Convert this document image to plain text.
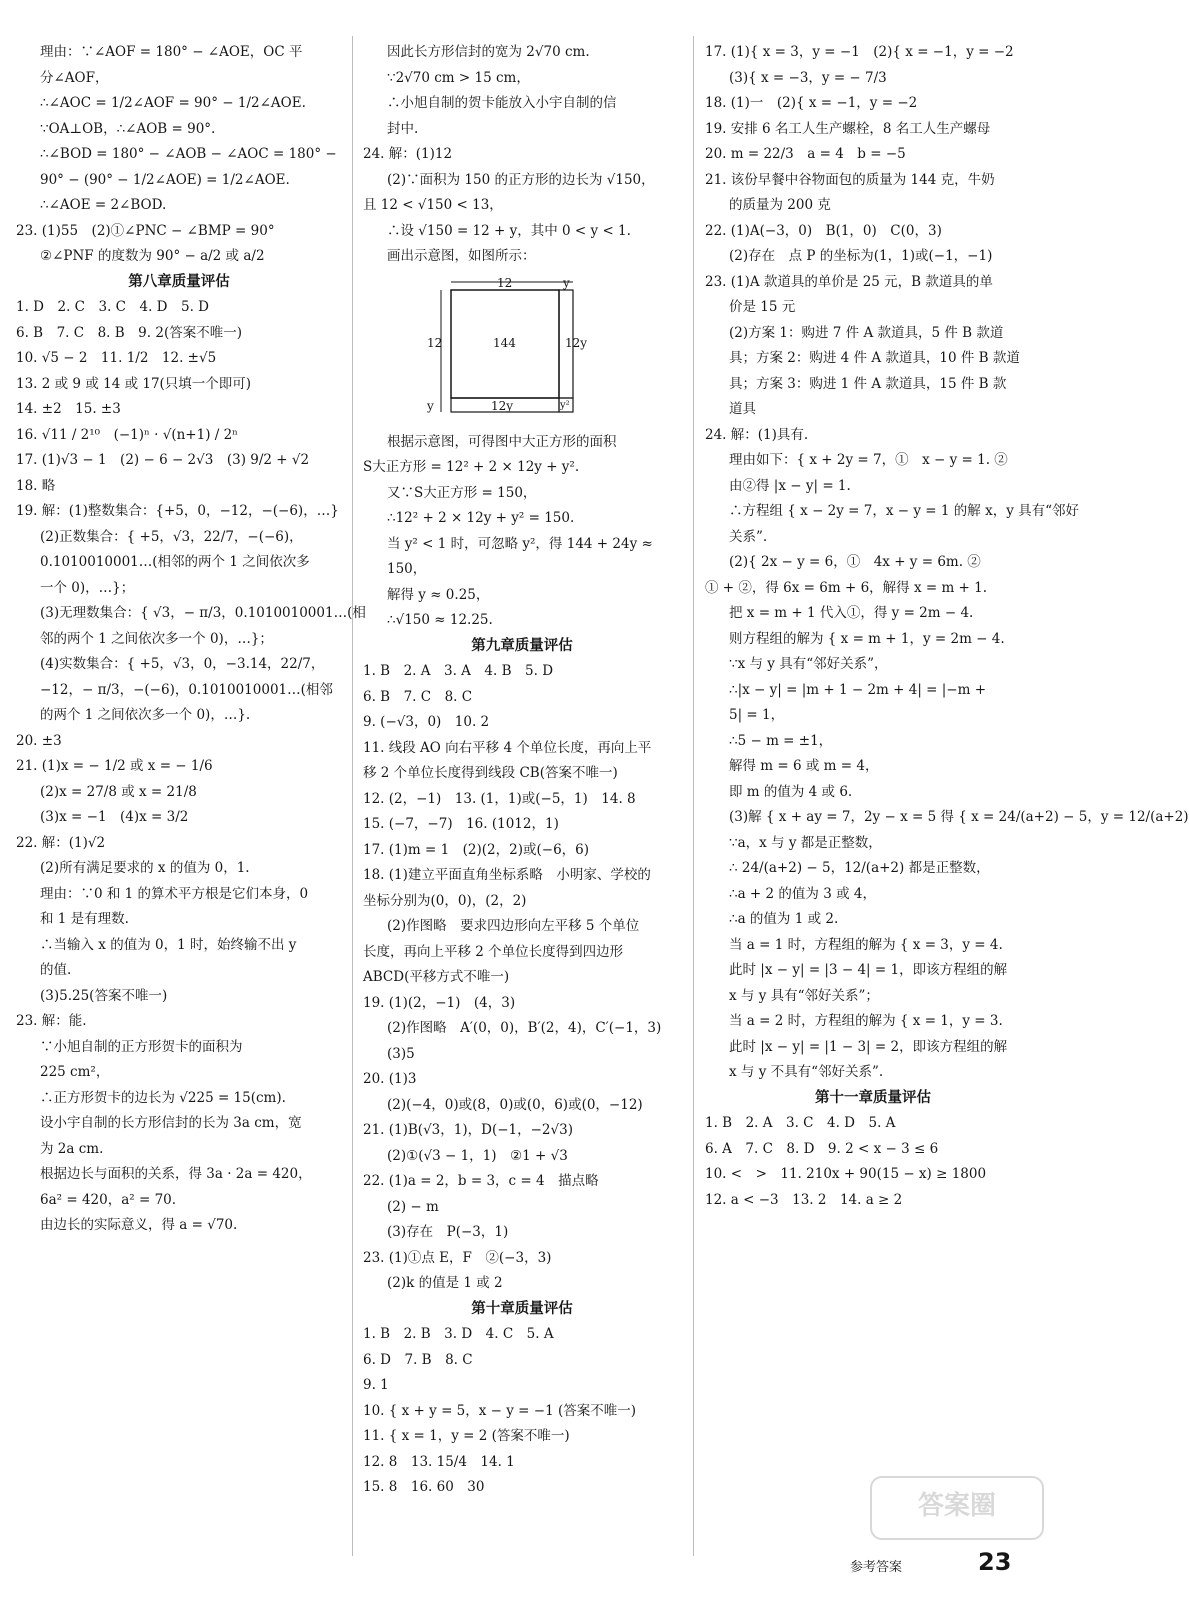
理由：∵∠AOF = 180° − ∠AOE，OC 平
分∠AOF，
∴∠AOC = 1/2∠AOF = 90° − 1/2∠AOE.
∵OA⊥OB，∴∠AOB = 90°.
∴∠BOD = 180° − ∠AOB − ∠AOC = 180° −
90° − (90° − 1/2∠AOE) = 1/2∠AOE.
∴∠AOE = 2∠BOD.
23. (1)55　(2)①∠PNC − ∠BMP = 90°
②∠PNF 的度数为 90° − a/2 或 a/2
第八章质量评估
1. D　2. C　3. C　4. D　5. D
6. B　7. C　8. B　9. 2(答案不唯一)
10. √5 − 2　11. 1/2　12. ±√5
13. 2 或 9 或 14 或 17(只填一个即可)
14. ±2　15. ±3
16. √11 / 2¹⁰　(−1)ⁿ · √(n+1) / 2ⁿ
17. (1)√3 − 1　(2) − 6 − 2√3　(3) 9/2 + √2
18. 略
19. 解：(1)整数集合：{+5，0，−12，−(−6)，…}
(2)正数集合：{ +5，√3，22/7，−(−6)，
0.1010010001…(相邻的两个 1 之间依次多
一个 0)，…}；
(3)无理数集合：{ √3，− π/3，0.1010010001…(相
邻的两个 1 之间依次多一个 0)，…}；
(4)实数集合：{ +5，√3，0，−3.14，22/7，
−12，− π/3，−(−6)，0.1010010001…(相邻
的两个 1 之间依次多一个 0)，…}.
20. ±3
21. (1)x = − 1/2 或 x = − 1/6
(2)x = 27/8 或 x = 21/8
(3)x = −1　(4)x = 3/2
22. 解：(1)√2
(2)所有满足要求的 x 的值为 0，1.
理由：∵0 和 1 的算术平方根是它们本身，0
和 1 是有理数.
∴当输入 x 的值为 0，1 时，始终输不出 y
的值.
(3)5.25(答案不唯一)
23. 解：能.
∵小旭自制的正方形贺卡的面积为
225 cm²，
∴正方形贺卡的边长为 √225 = 15(cm).
设小宇自制的长方形信封的长为 3a cm，宽
为 2a cm.
根据边长与面积的关系，得 3a · 2a = 420，
6a² = 420，a² = 70.
由边长的实际意义，得 a = √70.
因此长方形信封的宽为 2√70 cm.
∵2√70 cm > 15 cm，
∴小旭自制的贺卡能放入小宇自制的信
封中.
24. 解：(1)12
(2)∵面积为 150 的正方形的边长为 √150，
且 12 < √150 < 13，
∴设 √150 = 12 + y，其中 0 < y < 1.
画出示意图，如图所示：
12	y
12	144	12y
12y
y	y²
根据示意图，可得图中大正方形的面积
S大正方形 = 12² + 2 × 12y + y².
又∵S大正方形 = 150，
∴12² + 2 × 12y + y² = 150.
当 y² < 1 时，可忽略 y²，得 144 + 24y ≈ 150，
解得 y ≈ 0.25，
∴√150 ≈ 12.25.
第九章质量评估
1. B　2. A　3. A　4. B　5. D
6. B　7. C　8. C
9. (−√3，0)　10. 2
11. 线段 AO 向右平移 4 个单位长度，再向上平
移 2 个单位长度得到线段 CB(答案不唯一)
12. (2，−1)　13. (1，1)或(−5，1)　14. 8
15. (−7，−7)　16. (1012，1)
17. (1)m = 1　(2)(2，2)或(−6，6)
18. (1)建立平面直角坐标系略　小明家、学校的
坐标分别为(0，0)，(2，2)
(2)作图略　要求四边形向左平移 5 个单位
长度，再向上平移 2 个单位长度得到四边形
ABCD(平移方式不唯一)
19. (1)(2，−1)　(4，3)
(2)作图略　A′(0，0)，B′(2，4)，C′(−1，3)
(3)5
20. (1)3
(2)(−4，0)或(8，0)或(0，6)或(0，−12)
21. (1)B(√3，1)，D(−1，−2√3)
(2)①(√3 − 1，1)　②1 + √3
22. (1)a = 2，b = 3，c = 4　描点略
(2) − m
(3)存在　P(−3，1)
23. (1)①点 E，F　②(−3，3)
(2)k 的值是 1 或 2
第十章质量评估
1. B　2. B　3. D　4. C　5. A
6. D　7. B　8. C
9. 1
10. { x + y = 5，x − y = −1 (答案不唯一)
11. { x = 1，y = 2 (答案不唯一)
12. 8　13. 15/4　14. 1
15. 8　16. 60　30
17. (1){ x = 3，y = −1　(2){ x = −1，y = −2
(3){ x = −3，y = − 7/3
18. (1)一　(2){ x = −1，y = −2
19. 安排 6 名工人生产螺栓，8 名工人生产螺母
20. m = 22/3　a = 4　b = −5
21. 该份早餐中谷物面包的质量为 144 克，牛奶
的质量为 200 克
22. (1)A(−3，0)　B(1，0)　C(0，3)
(2)存在　点 P 的坐标为(1，1)或(−1，−1)
23. (1)A 款道具的单价是 25 元，B 款道具的单
价是 15 元
(2)方案 1：购进 7 件 A 款道具，5 件 B 款道
具；方案 2：购进 4 件 A 款道具，10 件 B 款道
具；方案 3：购进 1 件 A 款道具，15 件 B 款
道具
24. 解：(1)具有.
理由如下：{ x + 2y = 7，①　x − y = 1. ②
由②得 |x − y| = 1.
∴方程组 { x − 2y = 7，x − y = 1 的解 x，y 具有“邻好
关系”.
(2){ 2x − y = 6，①　4x + y = 6m. ②
① + ②，得 6x = 6m + 6，解得 x = m + 1.
把 x = m + 1 代入①，得 y = 2m − 4.
则方程组的解为 { x = m + 1，y = 2m − 4.
∵x 与 y 具有“邻好关系”，
∴|x − y| = |m + 1 − 2m + 4| = |−m +
5| = 1，
∴5 − m = ±1，
解得 m = 6 或 m = 4，
即 m 的值为 4 或 6.
(3)解 { x + ay = 7，2y − x = 5 得 { x = 24/(a+2) − 5，y = 12/(a+2)
∵a，x 与 y 都是正整数，
∴ 24/(a+2) − 5，12/(a+2) 都是正整数，
∴a + 2 的值为 3 或 4，
∴a 的值为 1 或 2.
当 a = 1 时，方程组的解为 { x = 3，y = 4.
此时 |x − y| = |3 − 4| = 1，即该方程组的解
x 与 y 具有“邻好关系”；
当 a = 2 时，方程组的解为 { x = 1，y = 3.
此时 |x − y| = |1 − 3| = 2，即该方程组的解
x 与 y 不具有“邻好关系”.
第十一章质量评估
1. B　2. A　3. C　4. D　5. A
6. A　7. C　8. D　9. 2 < x − 3 ≤ 6
10. <　>　11. 210x + 90(15 − x) ≥ 1800
12. a < −3　13. 2　14. a ≥ 2
答案圈
参考答案	23
